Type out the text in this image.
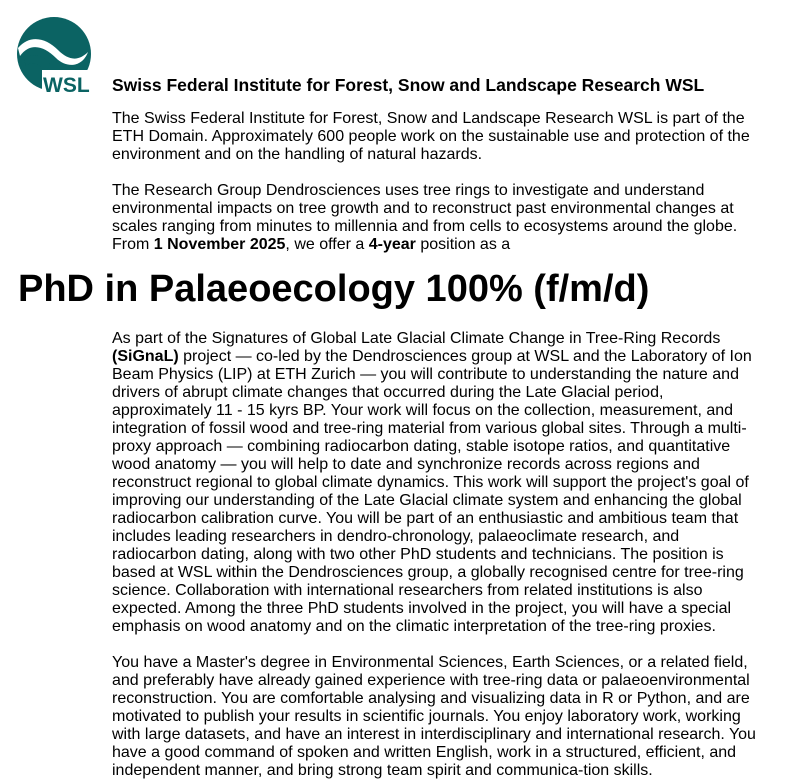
WSL Swiss Federal Institute for Forest, Snow and Landscape Research WSL
The Swiss Federal Institute for Forest, Snow and Landscape Research WSL is part of the
ETH Domain. Approximately 600 people work on the sustainable use and protection of the
environment and on the handling of natural hazards.
The Research Group Dendrosciences uses tree rings to investigate and understand
environmental impacts on tree growth and to reconstruct past environmental changes at
scales ranging from minutes to millennia and from cells to ecosystems around the globe.
From 1 November 2025, we offer a 4-year position as a
PhD in Palaeoecology 100% (f/m/d)
As part of the Signatures of Global Late Glacial Climate Change in Tree-Ring Records
(SiGnaL) project — co-led by the Dendrosciences group at WSL and the Laboratory of Ion
Beam Physics (LIP) at ETH Zurich — you will contribute to understanding the nature and
drivers of abrupt climate changes that occurred during the Late Glacial period,
approximately 11 - 15 kyrs BP. Your work will focus on the collection, measurement, and
integration of fossil wood and tree-ring material from various global sites. Through a multi-
proxy approach — combining radiocarbon dating, stable isotope ratios, and quantitative
wood anatomy — you will help to date and synchronize records across regions and
reconstruct regional to global climate dynamics. This work will support the project's goal of
improving our understanding of the Late Glacial climate system and enhancing the global
radiocarbon calibration curve. You will be part of an enthusiastic and ambitious team that
includes leading researchers in dendro-chronology, palaeoclimate research, and
radiocarbon dating, along with two other PhD students and technicians. The position is
based at WSL within the Dendrosciences group, a globally recognised centre for tree-ring
science. Collaboration with international researchers from related institutions is also
expected. Among the three PhD students involved in the project, you will have a special
emphasis on wood anatomy and on the climatic interpretation of the tree-ring proxies.
You have a Master's degree in Environmental Sciences, Earth Sciences, or a related field,
and preferably have already gained experience with tree-ring data or palaeoenvironmental
reconstruction. You are comfortable analysing and visualizing data in R or Python, and are
motivated to publish your results in scientific journals. You enjoy laboratory work, working
with large datasets, and have an interest in interdisciplinary and international research. You
have a good command of spoken and written English, work in a structured, efficient, and
independent manner, and bring strong team spirit and communica-tion skills.
